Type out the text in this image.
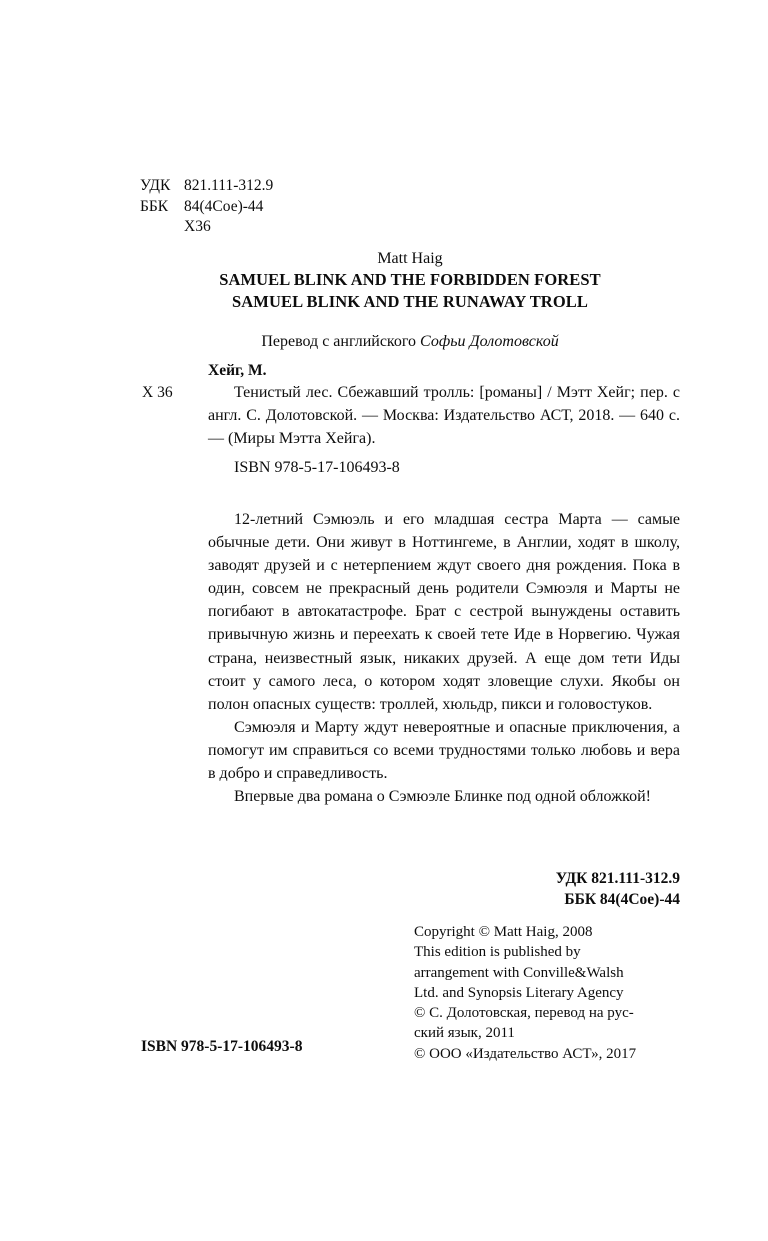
УДК 821.111-312.9
ББК 84(4Сое)-44
Х36
Matt Haig
SAMUEL BLINK AND THE FORBIDDEN FOREST
SAMUEL BLINK AND THE RUNAWAY TROLL
Перевод с английского Софьи Долотовской
Хейг, М.
Х 36	Тенистый лес. Сбежавший тролль: [романы] / Мэтт Хейг; пер. с англ. С. Долотовской. — Москва: Издательство АСТ, 2018. — 640 с. — (Миры Мэтта Хейга).
ISBN 978-5-17-106493-8

12-летний Сэмюэль и его младшая сестра Марта — самые обычные дети. Они живут в Ноттингеме, в Англии, ходят в школу, заводят друзей и с нетерпением ждут своего дня рождения. Пока в один, совсем не прекрасный день родители Сэмюэля и Марты не погибают в автокатастрофе. Брат с сестрой вынуждены оставить привычную жизнь и переехать к своей тете Иде в Норвегию. Чужая страна, неизвестный язык, никаких друзей. А еще дом тети Иды стоит у самого леса, о котором ходят зловещие слухи. Якобы он полон опасных существ: троллей, хюльдр, пикси и головостуков.

Сэмюэля и Марту ждут невероятные и опасные приключения, а помогут им справиться со всеми трудностями только любовь и вера в добро и справедливость.

Впервые два романа о Сэмюэле Блинке под одной обложкой!

УДК 821.111-312.9
ББК 84(4Сое)-44
Copyright © Matt Haig, 2008
This edition is published by
arrangement with Conville&Walsh
Ltd. and Synopsis Literary Agency
© С. Долотовская, перевод на рус-
ский язык, 2011
© ООО «Издательство АСТ», 2017
ISBN 978-5-17-106493-8
